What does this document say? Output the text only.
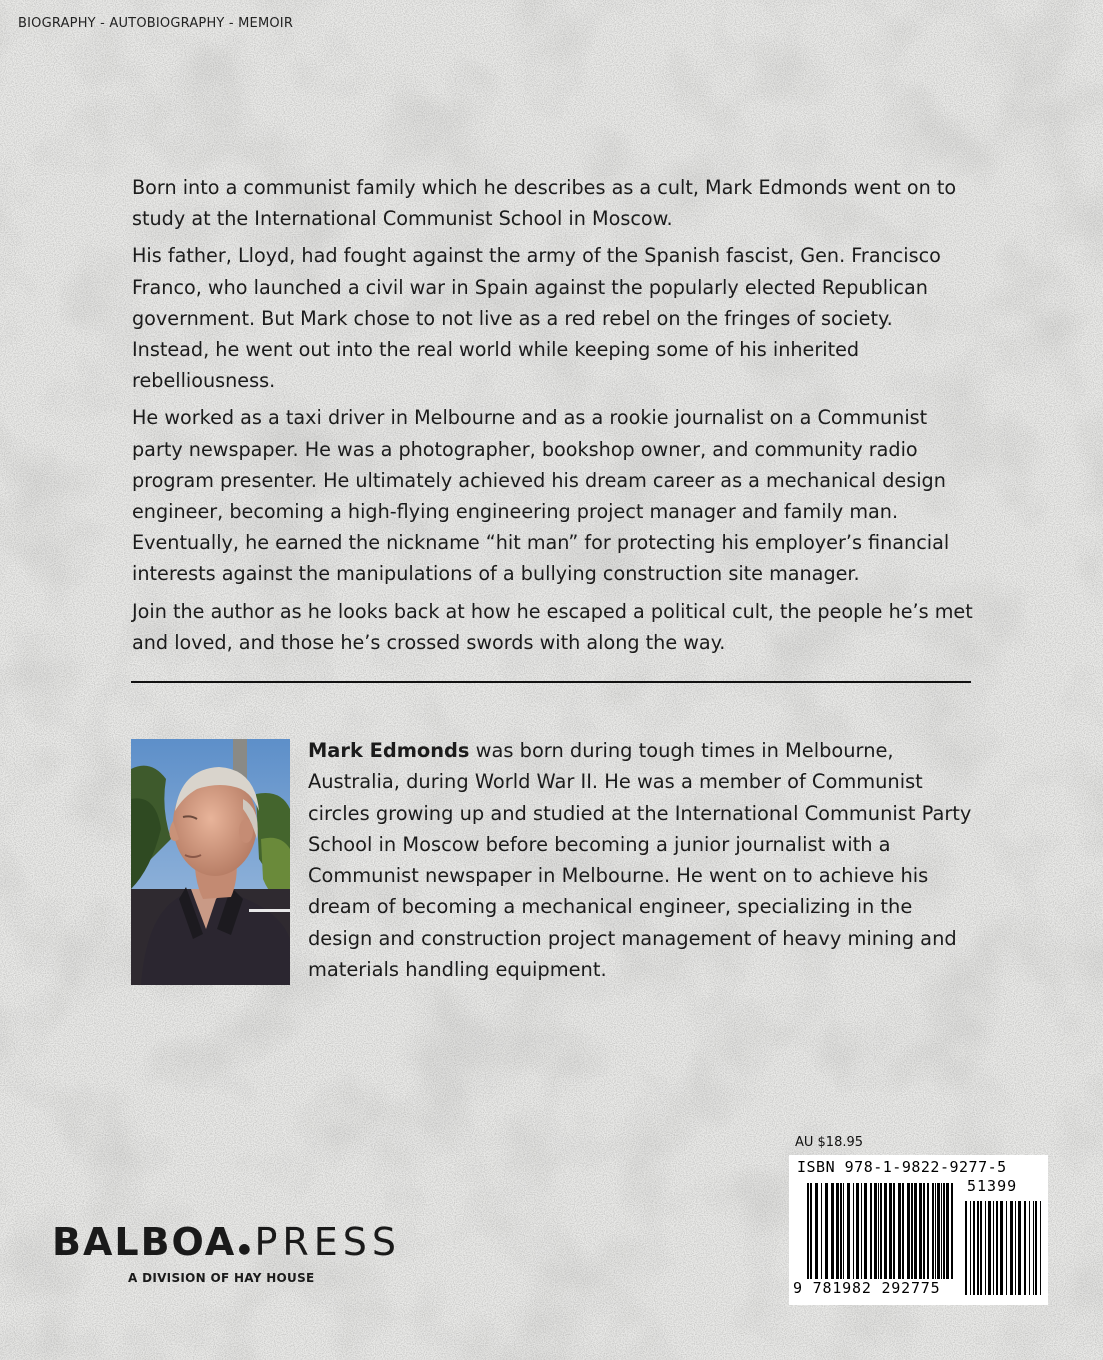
BIOGRAPHY - AUTOBIOGRAPHY - MEMOIR

Born into a communist family which he describes as a cult, Mark Edmonds went on to study at the International Communist School in Moscow.

His father, Lloyd, had fought against the army of the Spanish fascist, Gen. Francisco Franco, who launched a civil war in Spain against the popularly elected Republican government. But Mark chose to not live as a red rebel on the fringes of society. Instead, he went out into the real world while keeping some of his inherited rebelliousness.

He worked as a taxi driver in Melbourne and as a rookie journalist on a Communist party newspaper. He was a photographer, bookshop owner, and community radio program presenter. He ultimately achieved his dream career as a mechanical design engineer, becoming a high-flying engineering project manager and family man. Eventually, he earned the nickname “hit man” for protecting his employer’s financial interests against the manipulations of a bullying construction site manager.

Join the author as he looks back at how he escaped a political cult, the people he’s met and loved, and those he’s crossed swords with along the way.

Mark Edmonds was born during tough times in Melbourne, Australia, during World War II. He was a member of Communist circles growing up and studied at the International Communist Party School in Moscow before becoming a junior journalist with a Communist newspaper in Melbourne. He went on to achieve his dream of becoming a mechanical engineer, specializing in the design and construction project management of heavy mining and materials handling equipment.
BALBOA ●PRESS
A DIVISION OF HAY HOUSE
AU $18.95
ISBN 978-1-9822-9277-5
51399
9 781982 292775
